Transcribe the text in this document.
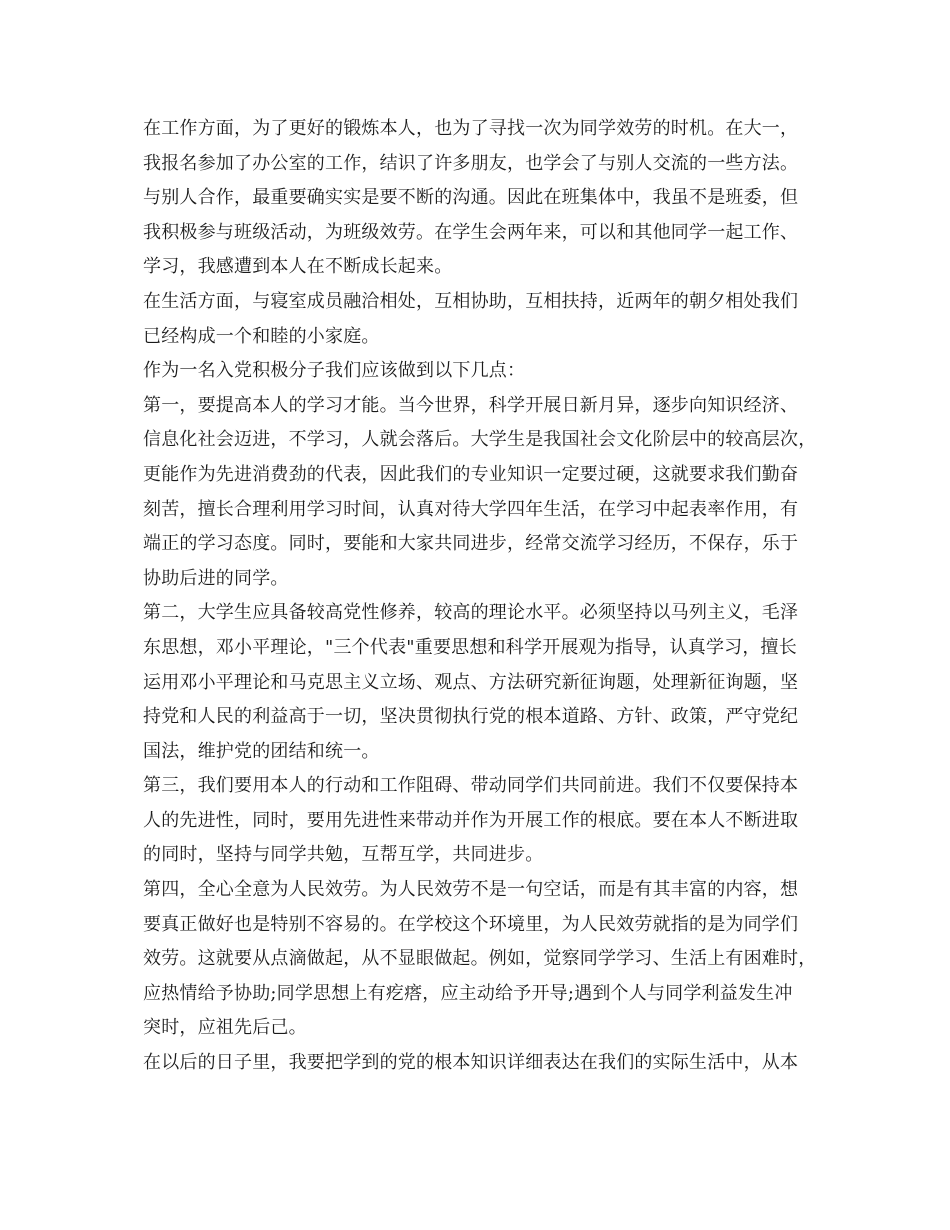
在工作方面，为了更好的锻炼本人，也为了寻找一次为同学效劳的时机。在大一，
我报名参加了办公室的工作，结识了许多朋友，也学会了与别人交流的一些方法。
与别人合作，最重要确实实是要不断的沟通。因此在班集体中，我虽不是班委，但
我积极参与班级活动，为班级效劳。在学生会两年来，可以和其他同学一起工作、
学习，我感遭到本人在不断成长起来。
在生活方面，与寝室成员融洽相处，互相协助，互相扶持，近两年的朝夕相处我们
已经构成一个和睦的小家庭。
作为一名入党积极分子我们应该做到以下几点：
第一，要提高本人的学习才能。当今世界，科学开展日新月异，逐步向知识经济、
信息化社会迈进，不学习，人就会落后。大学生是我国社会文化阶层中的较高层次，
更能作为先进消费劲的代表，因此我们的专业知识一定要过硬，这就要求我们勤奋
刻苦，擅长合理利用学习时间，认真对待大学四年生活，在学习中起表率作用，有
端正的学习态度。同时，要能和大家共同进步，经常交流学习经历，不保存，乐于
协助后进的同学。
第二，大学生应具备较高党性修养，较高的理论水平。必须坚持以马列主义，毛泽
东思想，邓小平理论，"三个代表"重要思想和科学开展观为指导，认真学习，擅长
运用邓小平理论和马克思主义立场、观点、方法研究新征询题，处理新征询题，坚
持党和人民的利益高于一切，坚决贯彻执行党的根本道路、方针、政策，严守党纪
国法，维护党的团结和统一。
第三，我们要用本人的行动和工作阻碍、带动同学们共同前进。我们不仅要保持本
人的先进性，同时，要用先进性来带动并作为开展工作的根底。要在本人不断进取
的同时，坚持与同学共勉，互帮互学，共同进步。
第四，全心全意为人民效劳。为人民效劳不是一句空话，而是有其丰富的内容，想
要真正做好也是特别不容易的。在学校这个环境里，为人民效劳就指的是为同学们
效劳。这就要从点滴做起，从不显眼做起。例如，觉察同学学习、生活上有困难时，
应热情给予协助;同学思想上有疙瘩，应主动给予开导;遇到个人与同学利益发生冲
突时，应祖先后己。
在以后的日子里，我要把学到的党的根本知识详细表达在我们的实际生活中，从本
